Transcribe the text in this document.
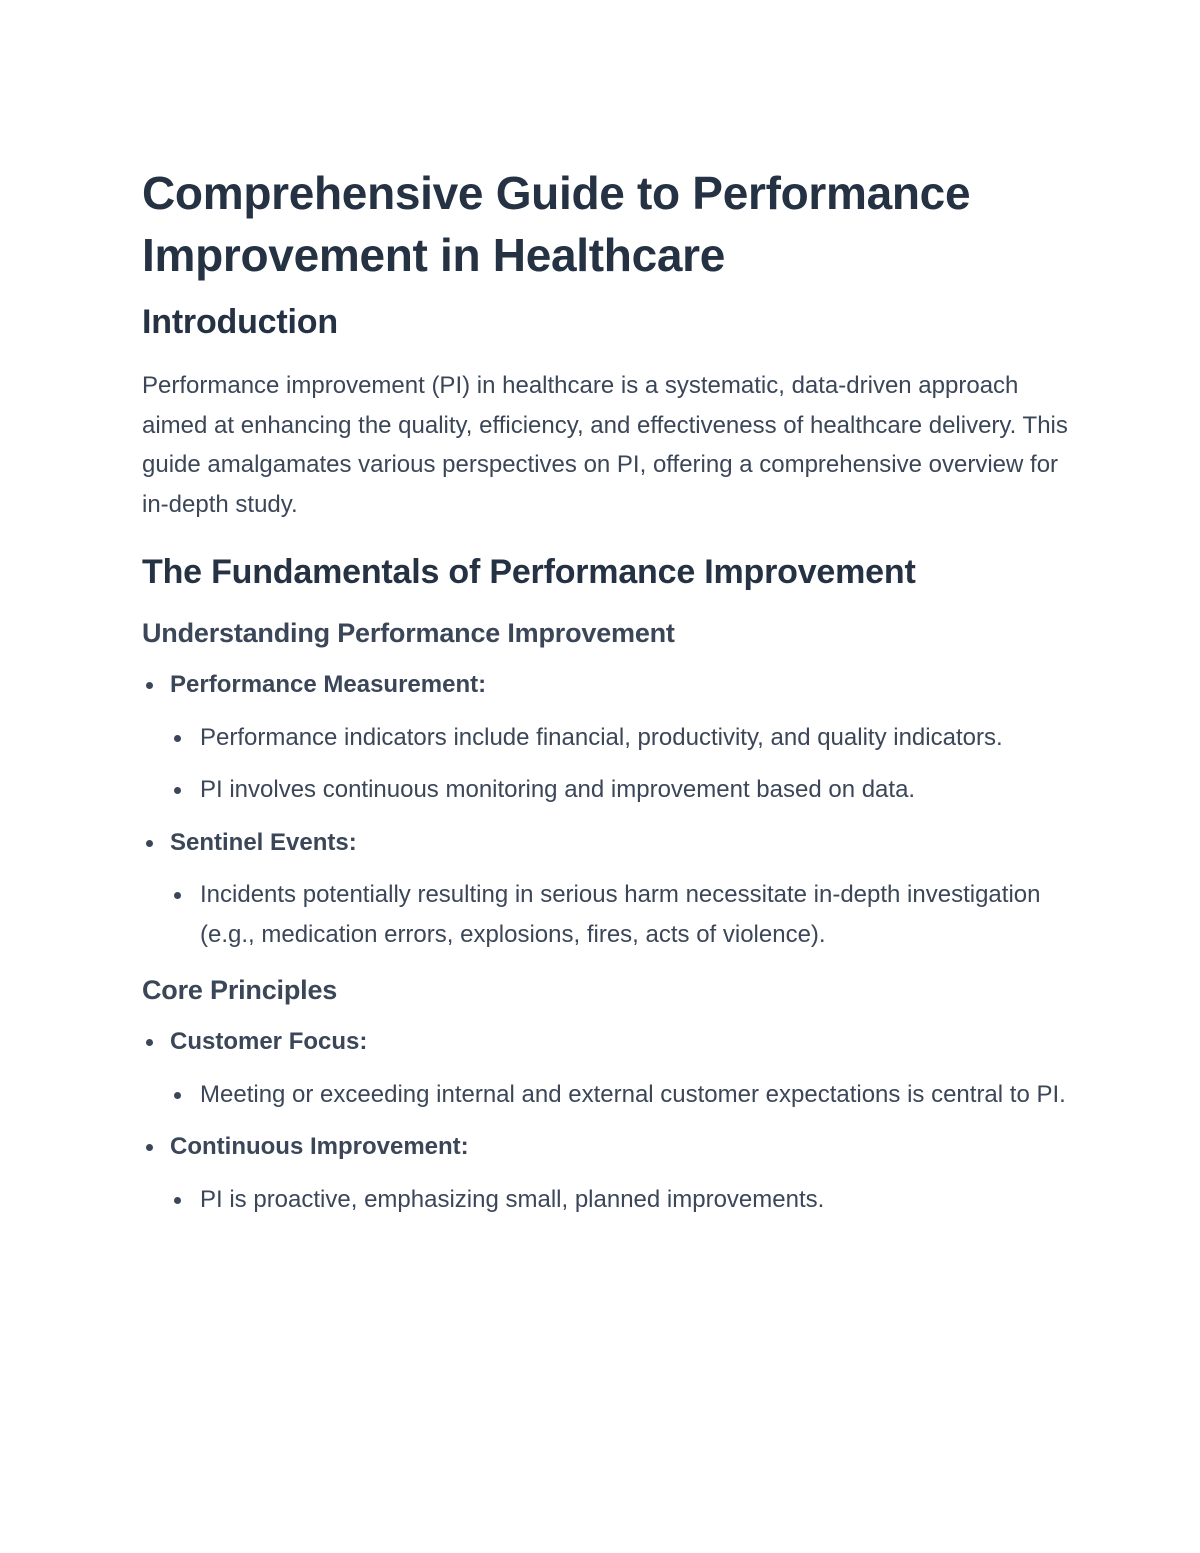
Comprehensive Guide to Performance Improvement in Healthcare
Introduction

Performance improvement (PI) in healthcare is a systematic, data-driven approach aimed at enhancing the quality, efficiency, and effectiveness of healthcare delivery. This guide amalgamates various perspectives on PI, offering a comprehensive overview for in-depth study.

The Fundamentals of Performance Improvement
Understanding Performance Improvement
Performance Measurement:
Performance indicators include financial, productivity, and quality indicators.
PI involves continuous monitoring and improvement based on data.
Sentinel Events:
Incidents potentially resulting in serious harm necessitate in-depth investigation (e.g., medication errors, explosions, fires, acts of violence).
Core Principles
Customer Focus:
Meeting or exceeding internal and external customer expectations is central to PI.
Continuous Improvement:
PI is proactive, emphasizing small, planned improvements.
